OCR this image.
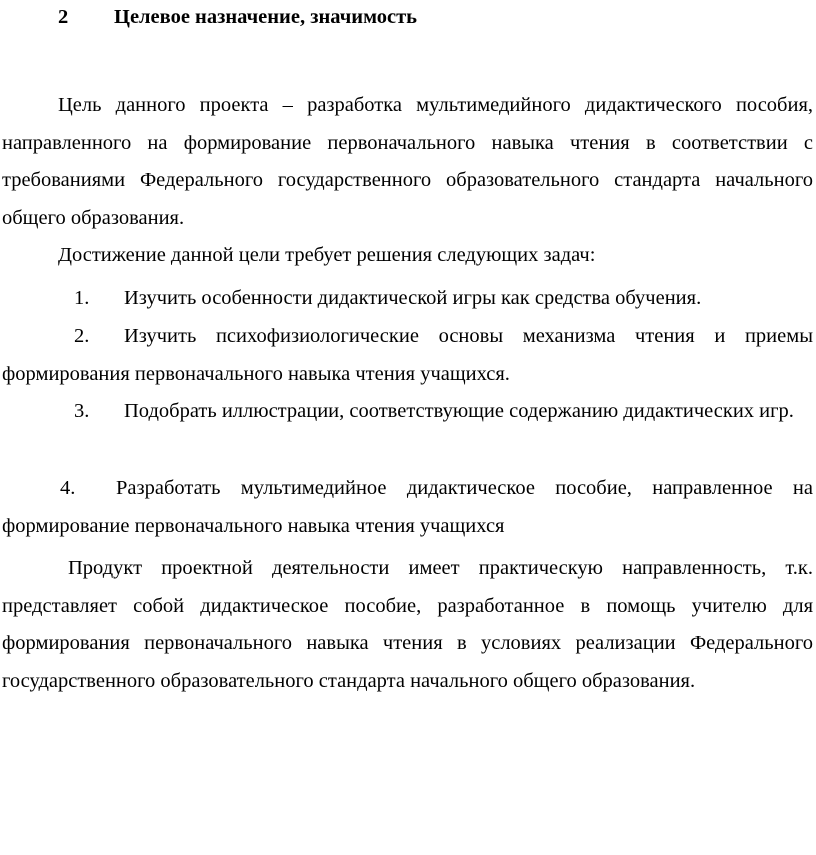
2 Целевое назначение, значимость

Цель данного проекта – разработка мультимедийного дидактического пособия, направленного на формирование первоначального навыка чтения в соответствии с требованиями Федерального государственного образовательного стандарта начального общего образования.

Достижение данной цели требует решения следующих задач:

1. Изучить особенности дидактической игры как средства обучения.

2. Изучить психофизиологические основы механизма чтения и приемы формирования первоначального навыка чтения учащихся.

3. Подобрать иллюстрации, соответствующие содержанию дидактических игр.

4. Разработать мультимедийное дидактическое пособие, направленное на формирование первоначального навыка чтения учащихся

Продукт проектной деятельности имеет практическую направленность, т.к. представляет собой дидактическое пособие, разработанное в помощь учителю для формирования первоначального навыка чтения в условиях реализации Федерального государственного образовательного стандарта начального общего образования.
